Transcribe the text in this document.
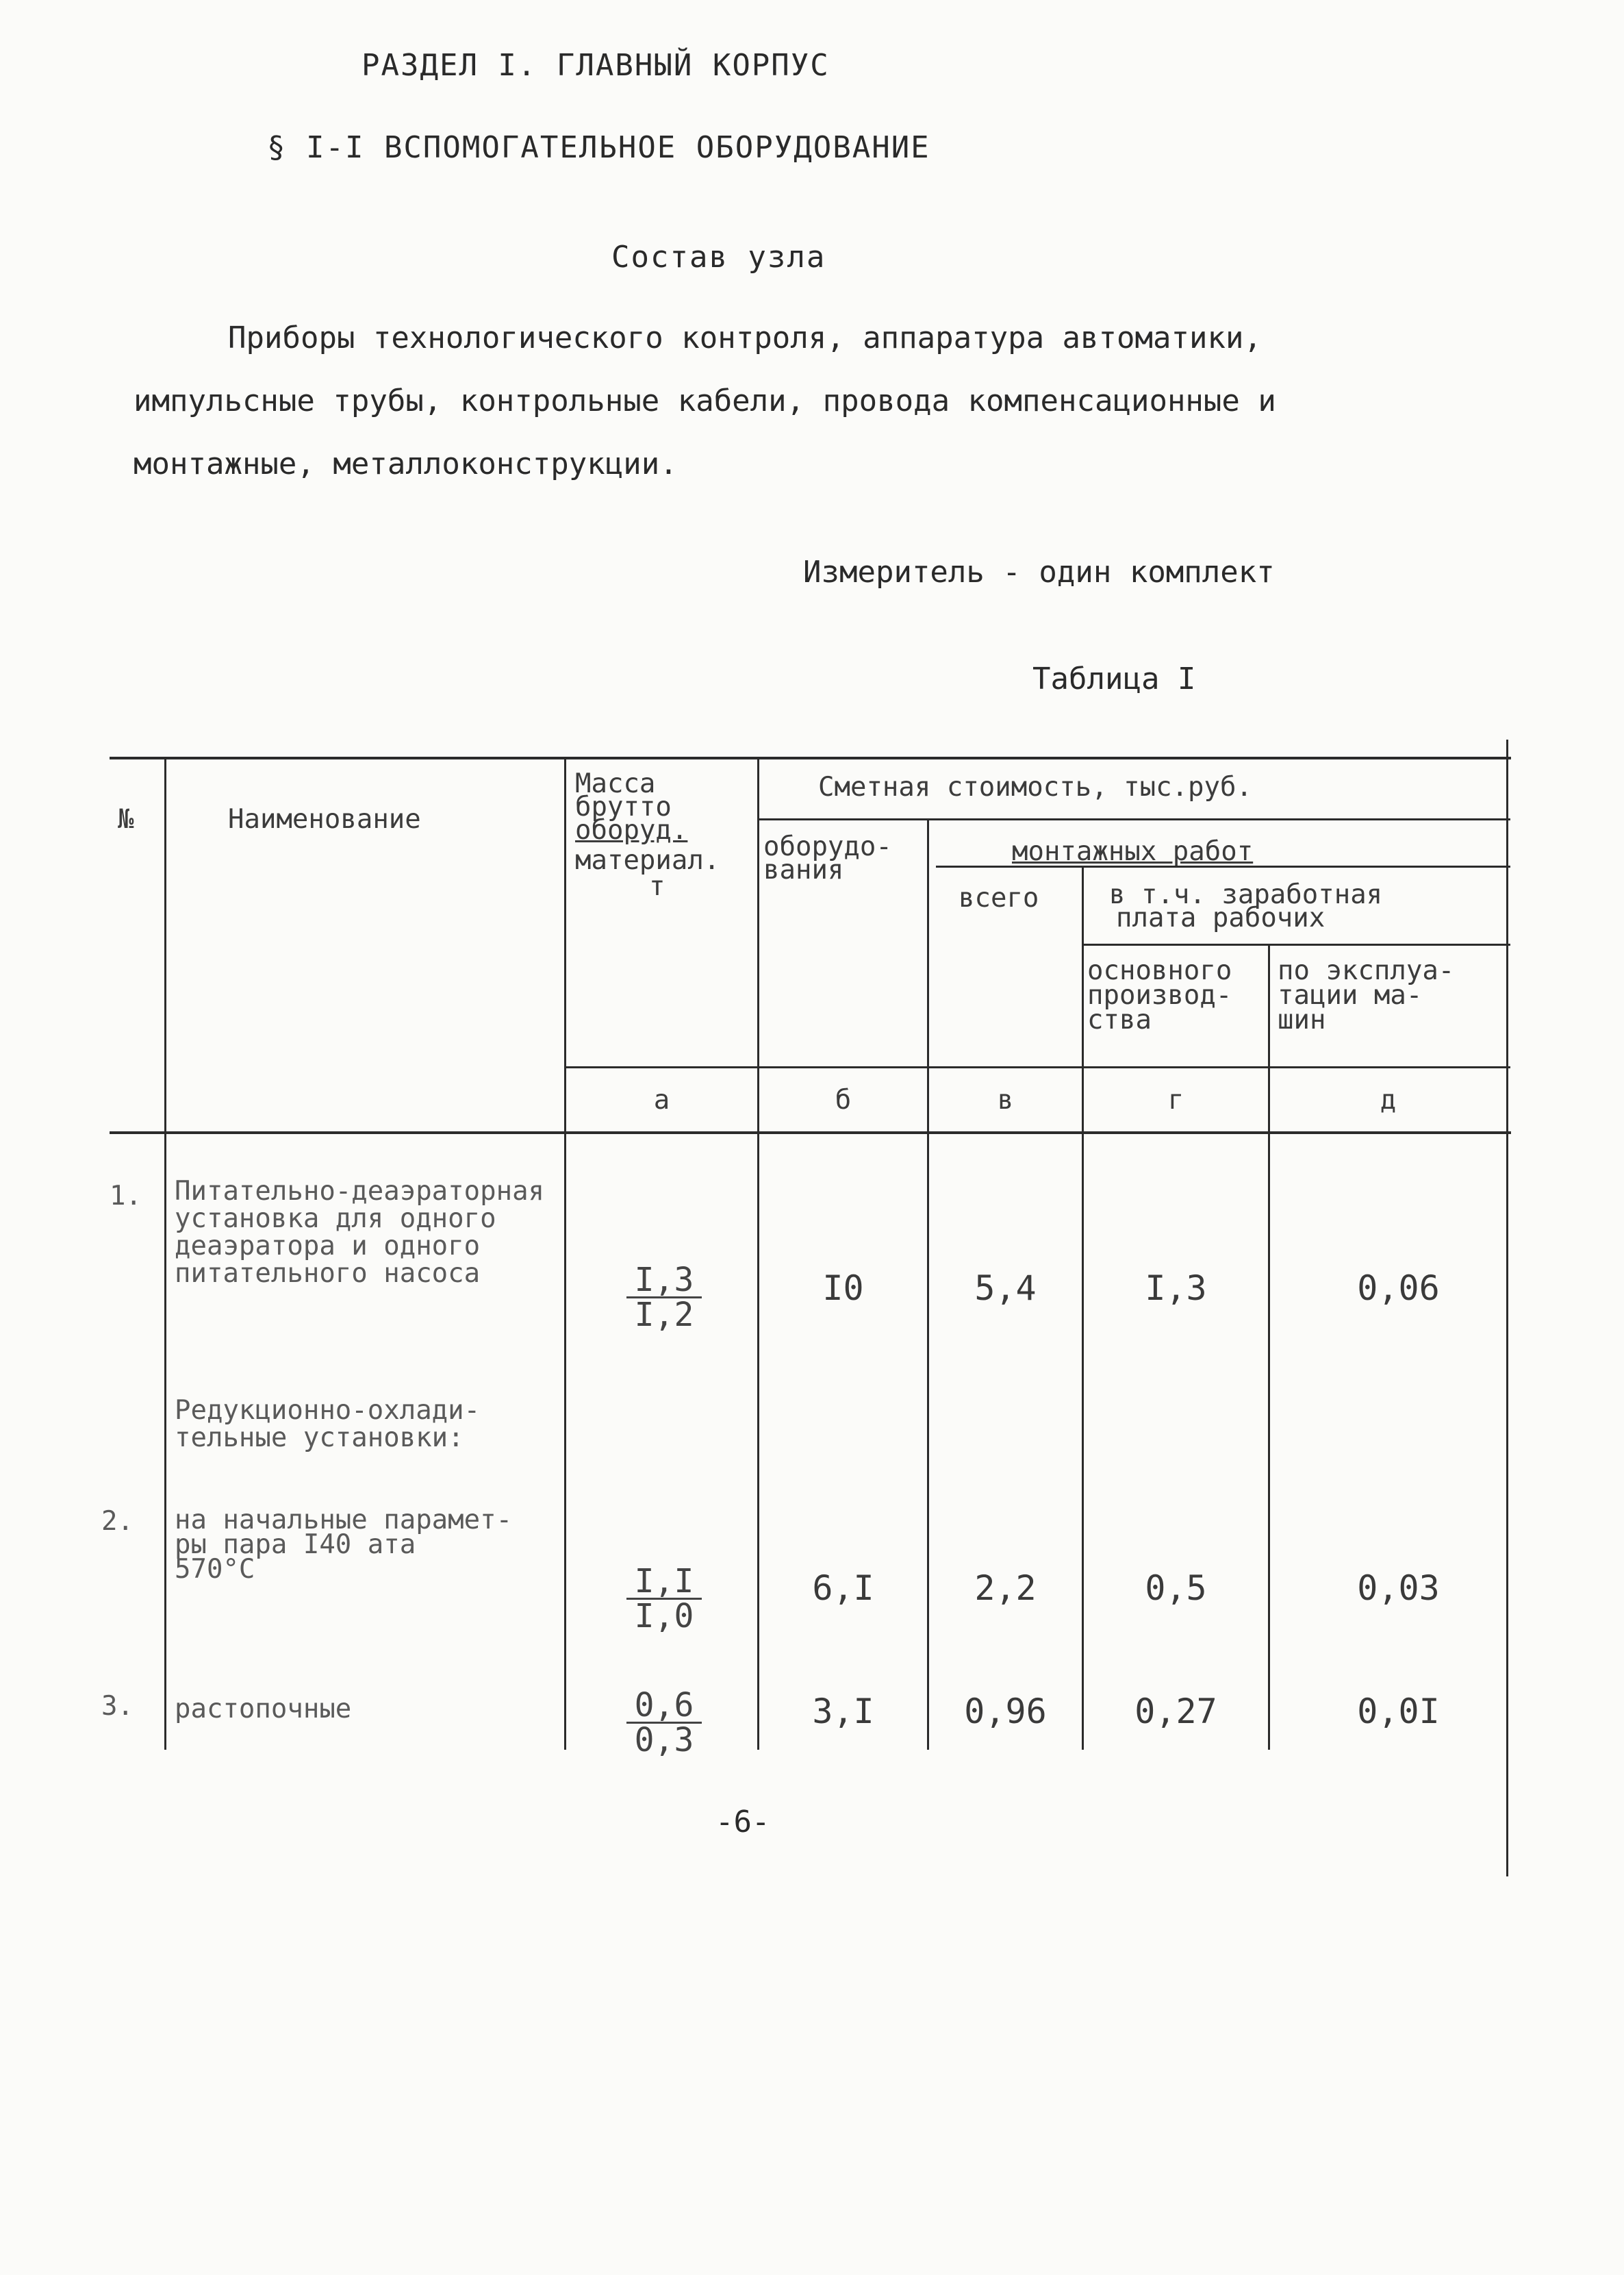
РАЗДЕЛ I. ГЛАВНЫЙ КОРПУС
§ I-I ВСПОМОГАТЕЛЬНОЕ ОБОРУДОВАНИЕ
Состав узла
Приборы технологического контроля, аппаратура автоматики,
импульсные трубы, контрольные кабели, провода компенсационные и
монтажные, металлоконструкции.
Измеритель - один комплект
Таблица I
№	Наименование
Масса
брутто
оборуд.
материал.
т
Сметная стоимость, тыс.руб.
оборудо-
вания
монтажных работ
всего	в т.ч. заработная
плата рабочих
основного
производ-
ства
по эксплуа-
тации ма-
шин
а	б	в	г	д
1. Питательно-деаэраторная
установка для одного
деаэратора и одного
питательного насоса	$\frac{I,3}{I,2}$	I0	5,4	I,3	0,06
Редукционно-охлади-
тельные установки:
2. на начальные парамет-
ры пара I40 ата
570°С	$\frac{I,I}{I,0}$	6,I	2,2	0,5	0,03
3. растопочные	$\frac{0,6}{0,3}$	3,I	0,96	0,27	0,0I
-6-
